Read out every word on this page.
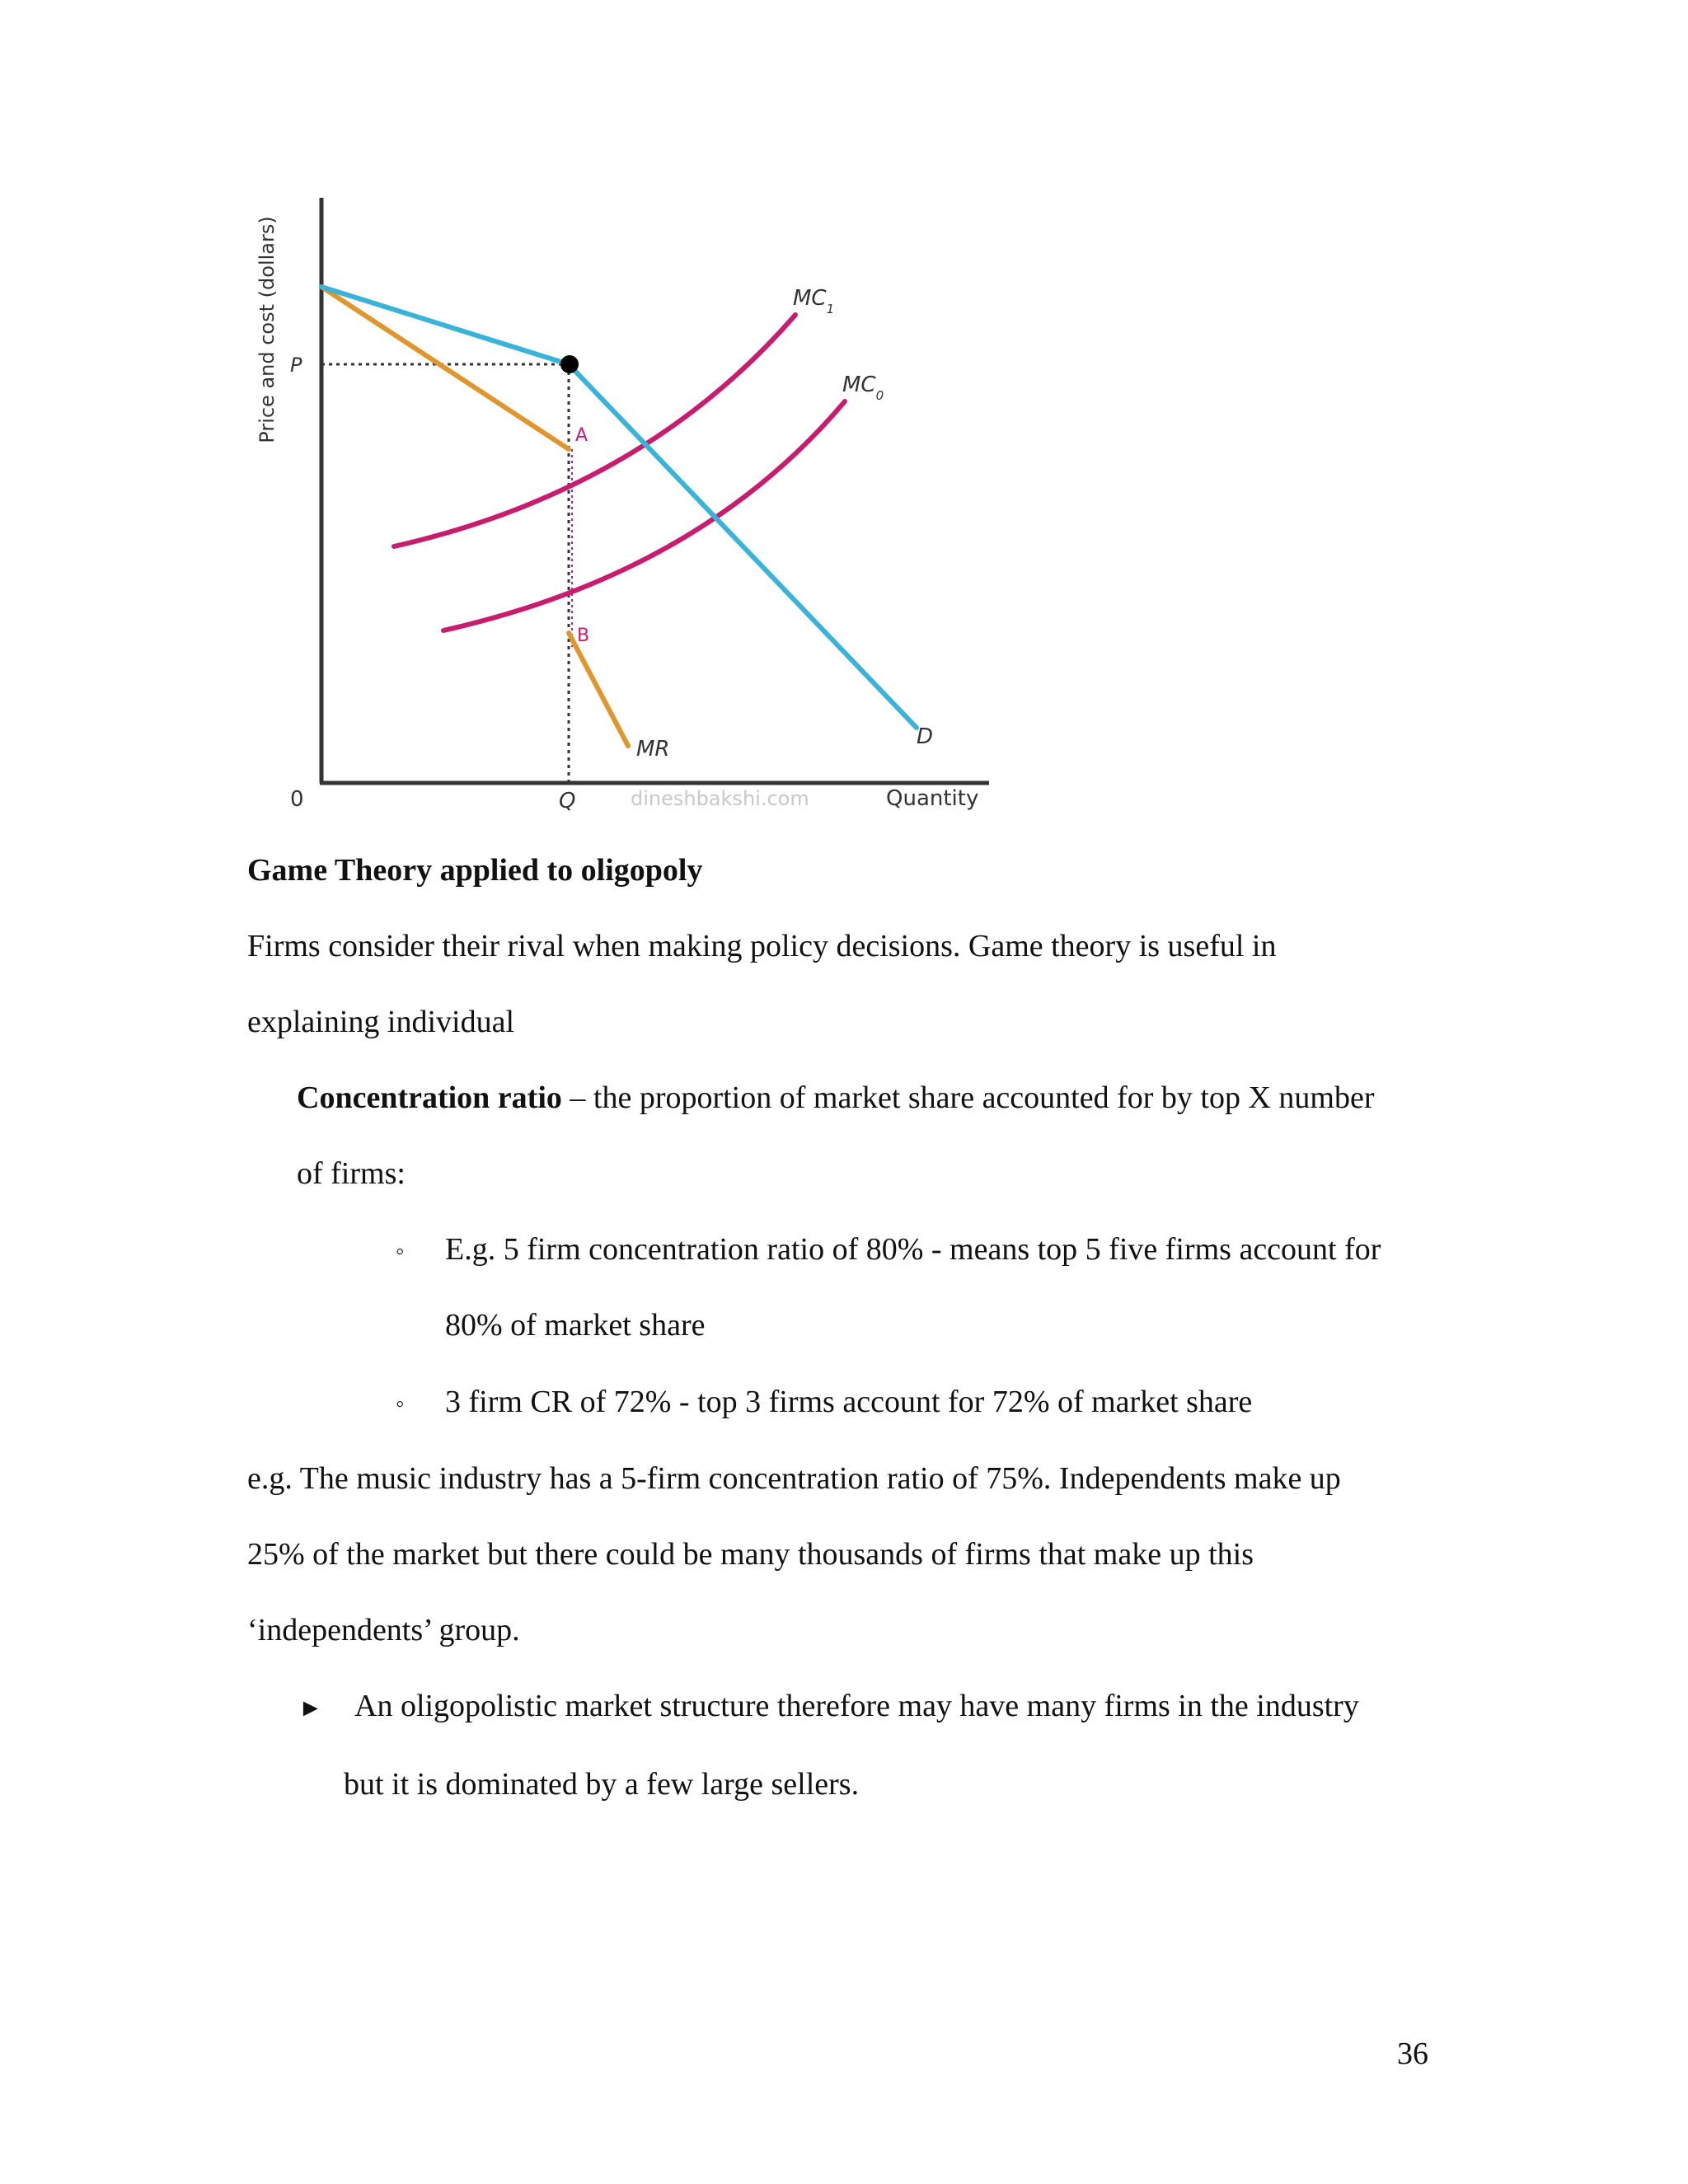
Price and cost (dollars) P
0	Q	dineshbakshi.com	Quantity
A
B
$MC_1$
$MC_0$
MR	D

Game Theory applied to oligopoly

Firms consider their rival when making policy decisions. Game theory is useful in
explaining individual
Concentration ratio – the proportion of market share accounted for by top X number
of firms:
◦ E.g. 5 firm concentration ratio of 80% - means top 5 five firms account for
80% of market share
◦ 3 firm CR of 72% - top 3 firms account for 72% of market share
e.g. The music industry has a 5-firm concentration ratio of 75%. Independents make up
25% of the market but there could be many thousands of firms that make up this
‘independents’ group.
► An oligopolistic market structure therefore may have many firms in the industry
but it is dominated by a few large sellers.
36
